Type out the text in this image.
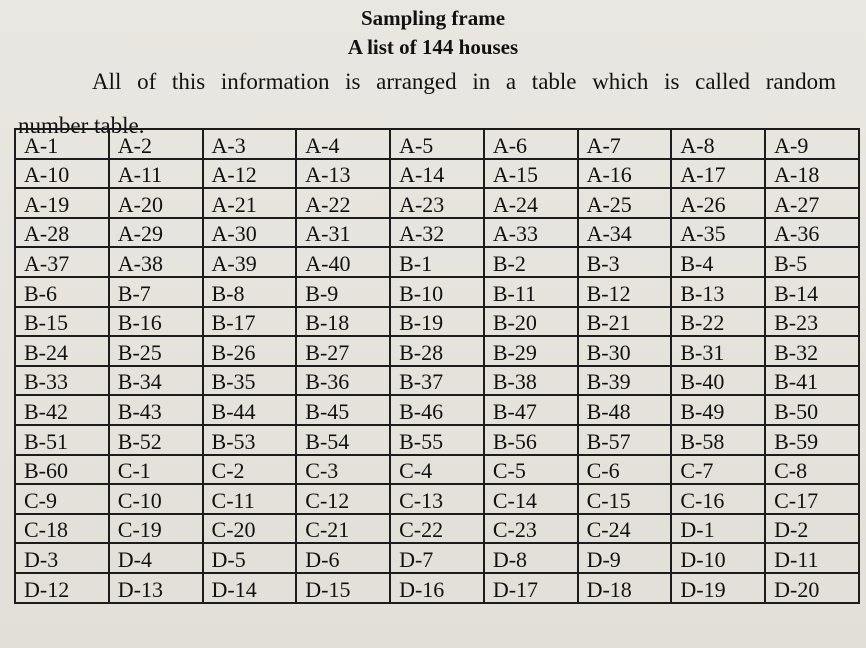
Sampling frame
A list of 144 houses
All of this information is arranged in a table which is called random
number table.
A-1	A-2	A-3	A-4	A-5	A-6	A-7	A-8	A-9
A-10	A-11	A-12	A-13	A-14	A-15	A-16	A-17	A-18
A-19	A-20	A-21	A-22	A-23	A-24	A-25	A-26	A-27
A-28	A-29	A-30	A-31	A-32	A-33	A-34	A-35	A-36
A-37	A-38	A-39	A-40	B-1	B-2	B-3	B-4	B-5
B-6	B-7	B-8	B-9	B-10	B-11	B-12	B-13	B-14
B-15	B-16	B-17	B-18	B-19	B-20	B-21	B-22	B-23
B-24	B-25	B-26	B-27	B-28	B-29	B-30	B-31	B-32
B-33	B-34	B-35	B-36	B-37	B-38	B-39	B-40	B-41
B-42	B-43	B-44	B-45	B-46	B-47	B-48	B-49	B-50
B-51	B-52	B-53	B-54	B-55	B-56	B-57	B-58	B-59
B-60	C-1	C-2	C-3	C-4	C-5	C-6	C-7	C-8
C-9	C-10	C-11	C-12	C-13	C-14	C-15	C-16	C-17
C-18	C-19	C-20	C-21	C-22	C-23	C-24	D-1	D-2
D-3	D-4	D-5	D-6	D-7	D-8	D-9	D-10	D-11
D-12	D-13	D-14	D-15	D-16	D-17	D-18	D-19	D-20
